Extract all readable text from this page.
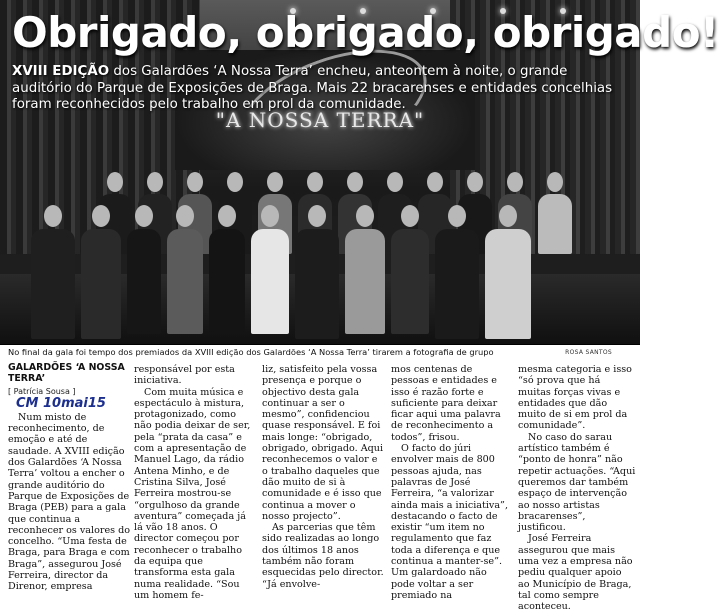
"A NOSSA TERRA"
Obrigado, obrigado, obrigado!
XVIII EDIÇÃO dos Galardões ‘A Nossa Terra’ encheu, anteontem à noite, o grande auditório do Parque de Exposições de Braga. Mais 22 bracarenses e entidades concelhias foram reconhecidos pelo trabalho em prol da comunidade.
No final da gala foi tempo dos premiados da XVIII edição dos Galardões ‘A Nossa Terra’ tirarem a fotografia de grupo	ROSA SANTOS
GALARDÕES ‘A NOSSA TERRA’
[ Patrícia Sousa ]
CM 10mai15

Num misto de reconhecimento, de emoção e até de saudade. A XVIII edição dos Galardões ‘A Nossa Terra’ voltou a encher o grande auditório do Parque de Exposições de Braga (PEB) para a gala que continua a reconhecer os valores do concelho. “Uma festa de Braga, para Braga e com Braga”, assegurou José Ferreira, director da Direnor, empresa

responsável por esta iniciativa.

Com muita música e espectáculo à mistura, protagonizado, como não podia deixar de ser, pela “prata da casa” e com a apresentação de Manuel Lago, da rádio Antena Minho, e de Cristina Silva, José Ferreira mostrou-se “orgulhoso da grande aventura” começada já lá vão 18 anos. O director começou por reconhecer o trabalho da equipa que transforma esta gala numa realidade. “Sou um homem fe-

liz, satisfeito pela vossa presença e porque o objectivo desta gala continuar a ser o mesmo”, confidenciou quase responsável. E foi mais longe: “obrigado, obrigado, obrigado. Aqui reconhecemos o valor e o trabalho daqueles que dão muito de si à comunidade e é isso que continua a mover o nosso projecto”.

As parcerias que têm sido realizadas ao longo dos últimos 18 anos também não foram esquecidas pelo director. “Já envolve-

mos centenas de pessoas e entidades e isso é razão forte e suficiente para deixar ficar aqui uma palavra de reconhecimento a todos”, frisou.

O facto do júri envolver mais de 800 pessoas ajuda, nas palavras de José Ferreira, “a valorizar ainda mais a iniciativa”, destacando o facto de existir “um item no regulamento que faz toda a diferença e que continua a manter-se”. Um galardoado não pode voltar a ser premiado na

mesma categoria e isso “só prova que há muitas forças vivas e entidades que dão muito de si em prol da comunidade”.

No caso do sarau artístico também é “ponto de honra” não repetir actuações. “Aqui queremos dar também espaço de intervenção ao nosso artistas bracarenses”, justificou.

José Ferreira assegurou que mais uma vez a empresa não pediu qualquer apoio ao Município de Braga, tal como sempre aconteceu.
